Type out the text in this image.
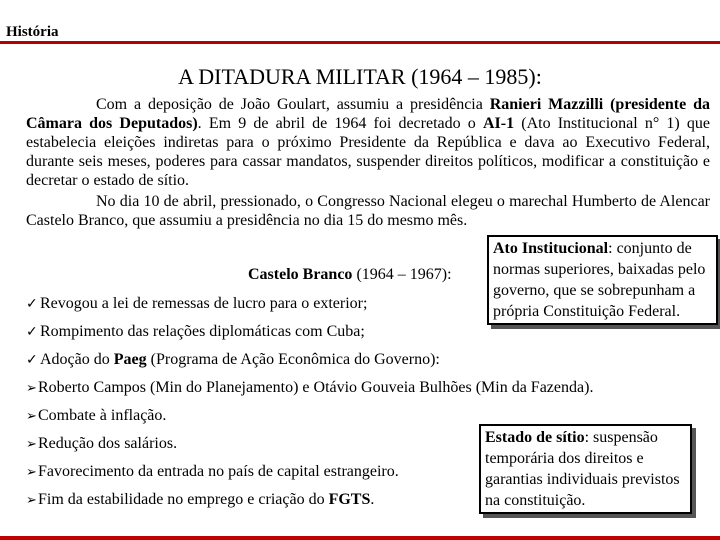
História
A DITADURA MILITAR (1964 – 1985):
Com a deposição de João Goulart, assumiu a presidência Ranieri Mazzilli (presidente da Câmara dos Deputados). Em 9 de abril de 1964 foi decretado o AI-1 (Ato Institucional n° 1) que estabelecia eleições indiretas para o próximo Presidente da República e dava ao Executivo Federal, durante seis meses, poderes para cassar mandatos, suspender direitos políticos, modificar a constituição e decretar o estado de sítio.
No dia 10 de abril, pressionado, o Congresso Nacional elegeu o marechal Humberto de Alencar Castelo Branco, que assumiu a presidência no dia 15 do mesmo mês.
Ato Institucional: conjunto de normas superiores, baixadas pelo governo, que se sobrepunham a própria Constituição Federal.
Castelo Branco (1964 – 1967):
✓ Revogou a lei de remessas de lucro para o exterior;
✓ Rompimento das relações diplomáticas com Cuba;
✓ Adoção do Paeg (Programa de Ação Econômica do Governo):
➢Roberto Campos (Min do Planejamento) e Otávio Gouveia Bulhões (Min da Fazenda).
➢Combate à inflação.
➢Redução dos salários.
➢Favorecimento da entrada no país de capital estrangeiro.
➢Fim da estabilidade no emprego e criação do FGTS.
Estado de sítio: suspensão temporária dos direitos e garantias individuais previstos na constituição.
